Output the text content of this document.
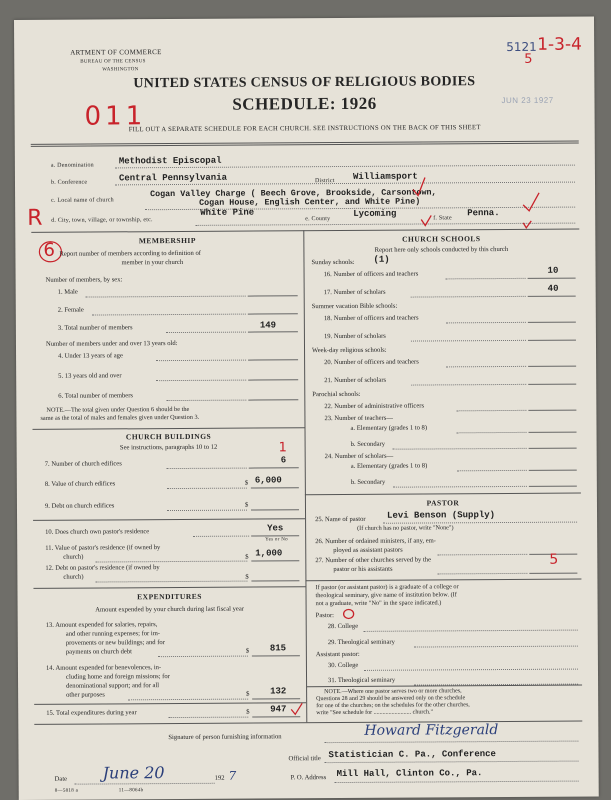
ARTMENT OF COMMERCE
BUREAU OF THE CENSUS
WASHINGTON
5121
5
1-3-4
JUN 23 1927
UNITED STATES CENSUS OF RELIGIOUS BODIES
SCHEDULE: 1926
011
FILL OUT A SEPARATE SCHEDULE FOR EACH CHURCH. SEE INSTRUCTIONS ON THE BACK OF THIS SHEET
a. Denomination	Methodist Episcopal
b. Conference	Central Pennsylvania	District Williamsport
c. Local name of church
Cogan Valley Charge ( Beech Grove, Brookside, Carsontown,
Cogan House, English Center, and White Pine)
R d. City, town, village, or township, etc.
White Pine
e. County
Lycoming	f. State
Penna.
MEMBERSHIP
6 Report number of members according to definition of
member in your church
Number of members, by sex:
1. Male
2. Female
3. Total number of members	149
Number of members under and over 13 years old:
4. Under 13 years of age
5. 13 years old and over
6. Total number of members
NOTE.—The total given under Question 6 should be the
same as the total of males and females given under Question 3.
CHURCH BUILDINGS
See instructions, paragraphs 10 to 12
7. Number of church edifices	6
1
8. Value of church edifices	$ 6,000
9. Debt on church edifices	$
10. Does church own pastor's residence	Yes
Yes or No
11. Value of pastor's residence (if owned by
church)	$ 1,000
12. Debt on pastor's residence (if owned by
church)	$
EXPENDITURES
Amount expended by your church during last fiscal year
13. Amount expended for salaries, repairs,
and other running expenses; for im-
provements or new buildings; and for
payments on church debt	$ 815
14. Amount expended for benevolences, in-
cluding home and foreign missions; for
denominational support; and for all
other purposes	$ 132
15. Total expenditures during year	$ 947
CHURCH SCHOOLS
Report here only schools conducted by this church
Sunday schools: (1)
16. Number of officers and teachers	10
17. Number of scholars	40
Summer vacation Bible schools:
18. Number of officers and teachers
19. Number of scholars
Week-day religious schools:
20. Number of officers and teachers
21. Number of scholars
Parochial schools:
22. Number of administrative officers
23. Number of teachers—
a. Elementary (grades 1 to 8)
b. Secondary
24. Number of scholars—
a. Elementary (grades 1 to 8)
b. Secondary
PASTOR
25. Name of pastor Levi Benson (Supply)
(If church has no pastor, write "None")
26. Number of ordained ministers, if any, em-
ployed as assistant pastors
27. Number of other churches served by the
pastor or his assistants
5
If pastor (or assistant pastor) is a graduate of a college or
theological seminary, give name of institution below. (If
not a graduate, write "No" in the space indicated.)
Pastor:
28. College
29. Theological seminary
Assistant pastor:
30. College
31. Theological seminary
NOTE.—Where one pastor serves two or more churches,
Questions 28 and 29 should be answered only on the schedule
for one of the churches; on the schedules for the other churches,
write "See schedule for ......................... church."
Signature of person furnishing information	Howard Fitzgerald
Official title Statistician C. Pa., Conference
Date June 20	192 7	P. O. Address Mill Hall, Clinton Co., Pa.
8—5818 a	11—8064b
